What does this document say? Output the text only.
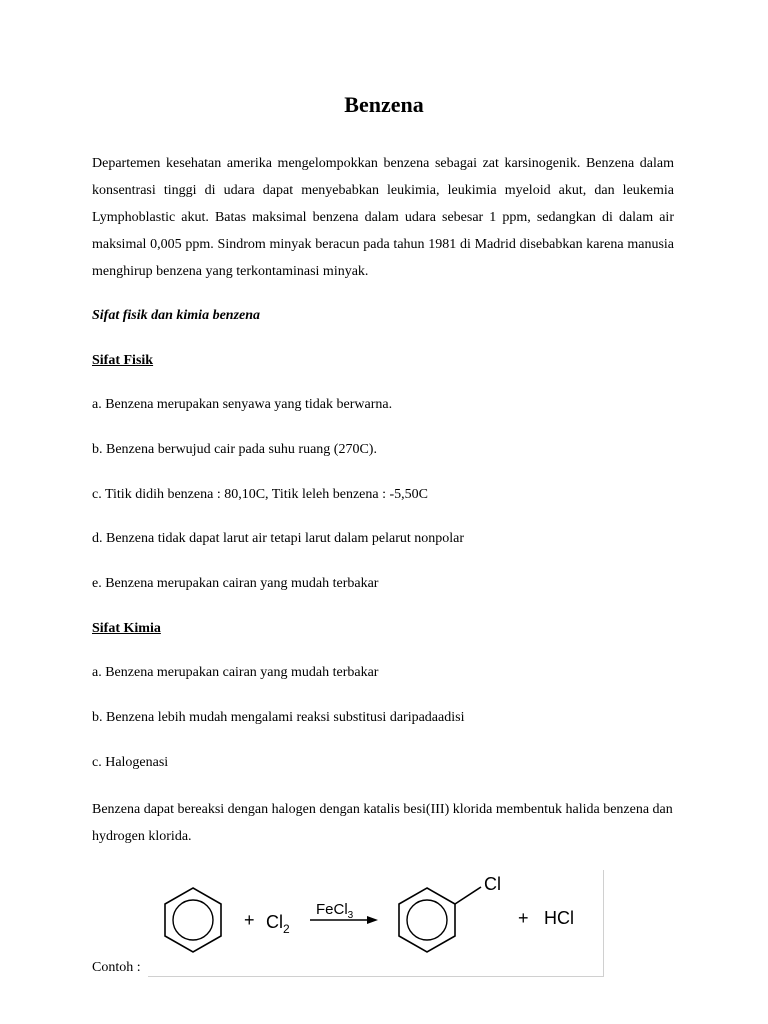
Benzena

Departemen kesehatan amerika mengelompokkan benzena sebagai zat karsinogenik. Benzena dalam konsentrasi tinggi di udara dapat menyebabkan leukimia, leukimia myeloid akut, dan leukemia Lymphoblastic akut. Batas maksimal benzena dalam udara sebesar 1 ppm, sedangkan di dalam air maksimal 0,005 ppm. Sindrom minyak beracun pada tahun 1981 di Madrid disebabkan karena manusia menghirup benzena yang terkontaminasi minyak.

Sifat fisik dan kimia benzena
Sifat Fisik
a. Benzena merupakan senyawa yang tidak berwarna.
b. Benzena berwujud cair pada suhu ruang (270C).
c. Titik didih benzena : 80,10C, Titik leleh benzena : -5,50C
d. Benzena tidak dapat larut air tetapi larut dalam pelarut nonpolar
e. Benzena merupakan cairan yang mudah terbakar
Sifat Kimia
a. Benzena merupakan cairan yang mudah terbakar
b. Benzena lebih mudah mengalami reaksi substitusi daripadaadisi
c. Halogenasi

Benzena dapat bereaksi dengan halogen dengan katalis besi(III) klorida membentuk halida benzena dan hydrogen klorida.

Contoh :
+ $Cl_2$
FeCl$_3$
Cl
+ HCl
